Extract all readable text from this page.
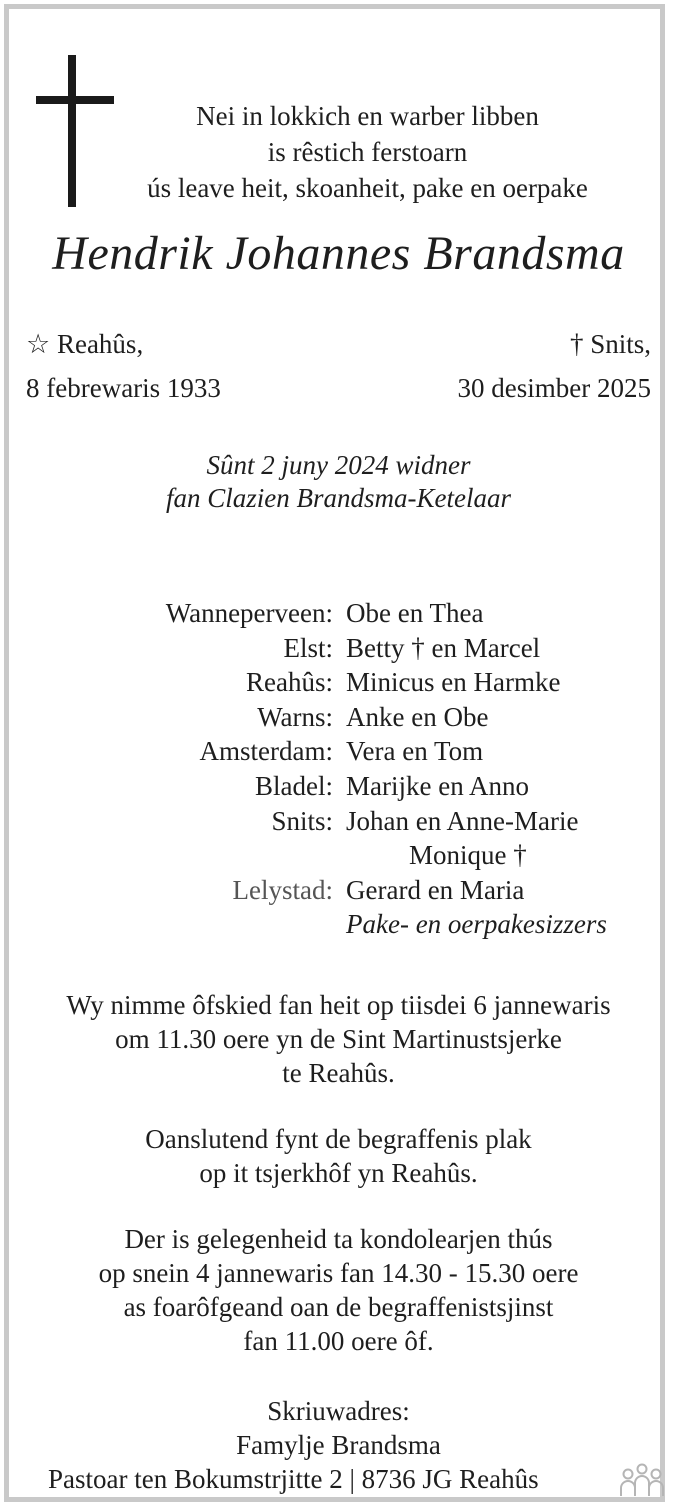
Nei in lokkich en warber libben
is rêstich ferstoarn
ús leave heit, skoanheit, pake en oerpake
Hendrik Johannes Brandsma
☆ Reahûs,
8 febrewaris 1933
† Snits,
30 desimber 2025
Sûnt 2 juny 2024 widner
fan Clazien Brandsma-Ketelaar
Wanneperveen: Obe en Thea
Elst: Betty † en Marcel
Reahûs: Minicus en Harmke
Warns: Anke en Obe
Amsterdam: Vera en Tom
Bladel: Marijke en Anno
Snits: Johan en Anne-Marie
Monique †
Lelystad: Gerard en Maria
Pake- en oerpakesizzers
Wy nimme ôfskied fan heit op tiisdei 6 jannewaris
om 11.30 oere yn de Sint Martinustsjerke
te Reahûs.
Oanslutend fynt de begraffenis plak
op it tsjerkhôf yn Reahûs.
Der is gelegenheid ta kondolearjen thús
op snein 4 jannewaris fan 14.30 - 15.30 oere
as foarôfgeand oan de begraffenistsjinst
fan 11.00 oere ôf.
Skriuwadres:
Famylje Brandsma
Pastoar ten Bokumstrjitte 2 | 8736 JG Reahûs
